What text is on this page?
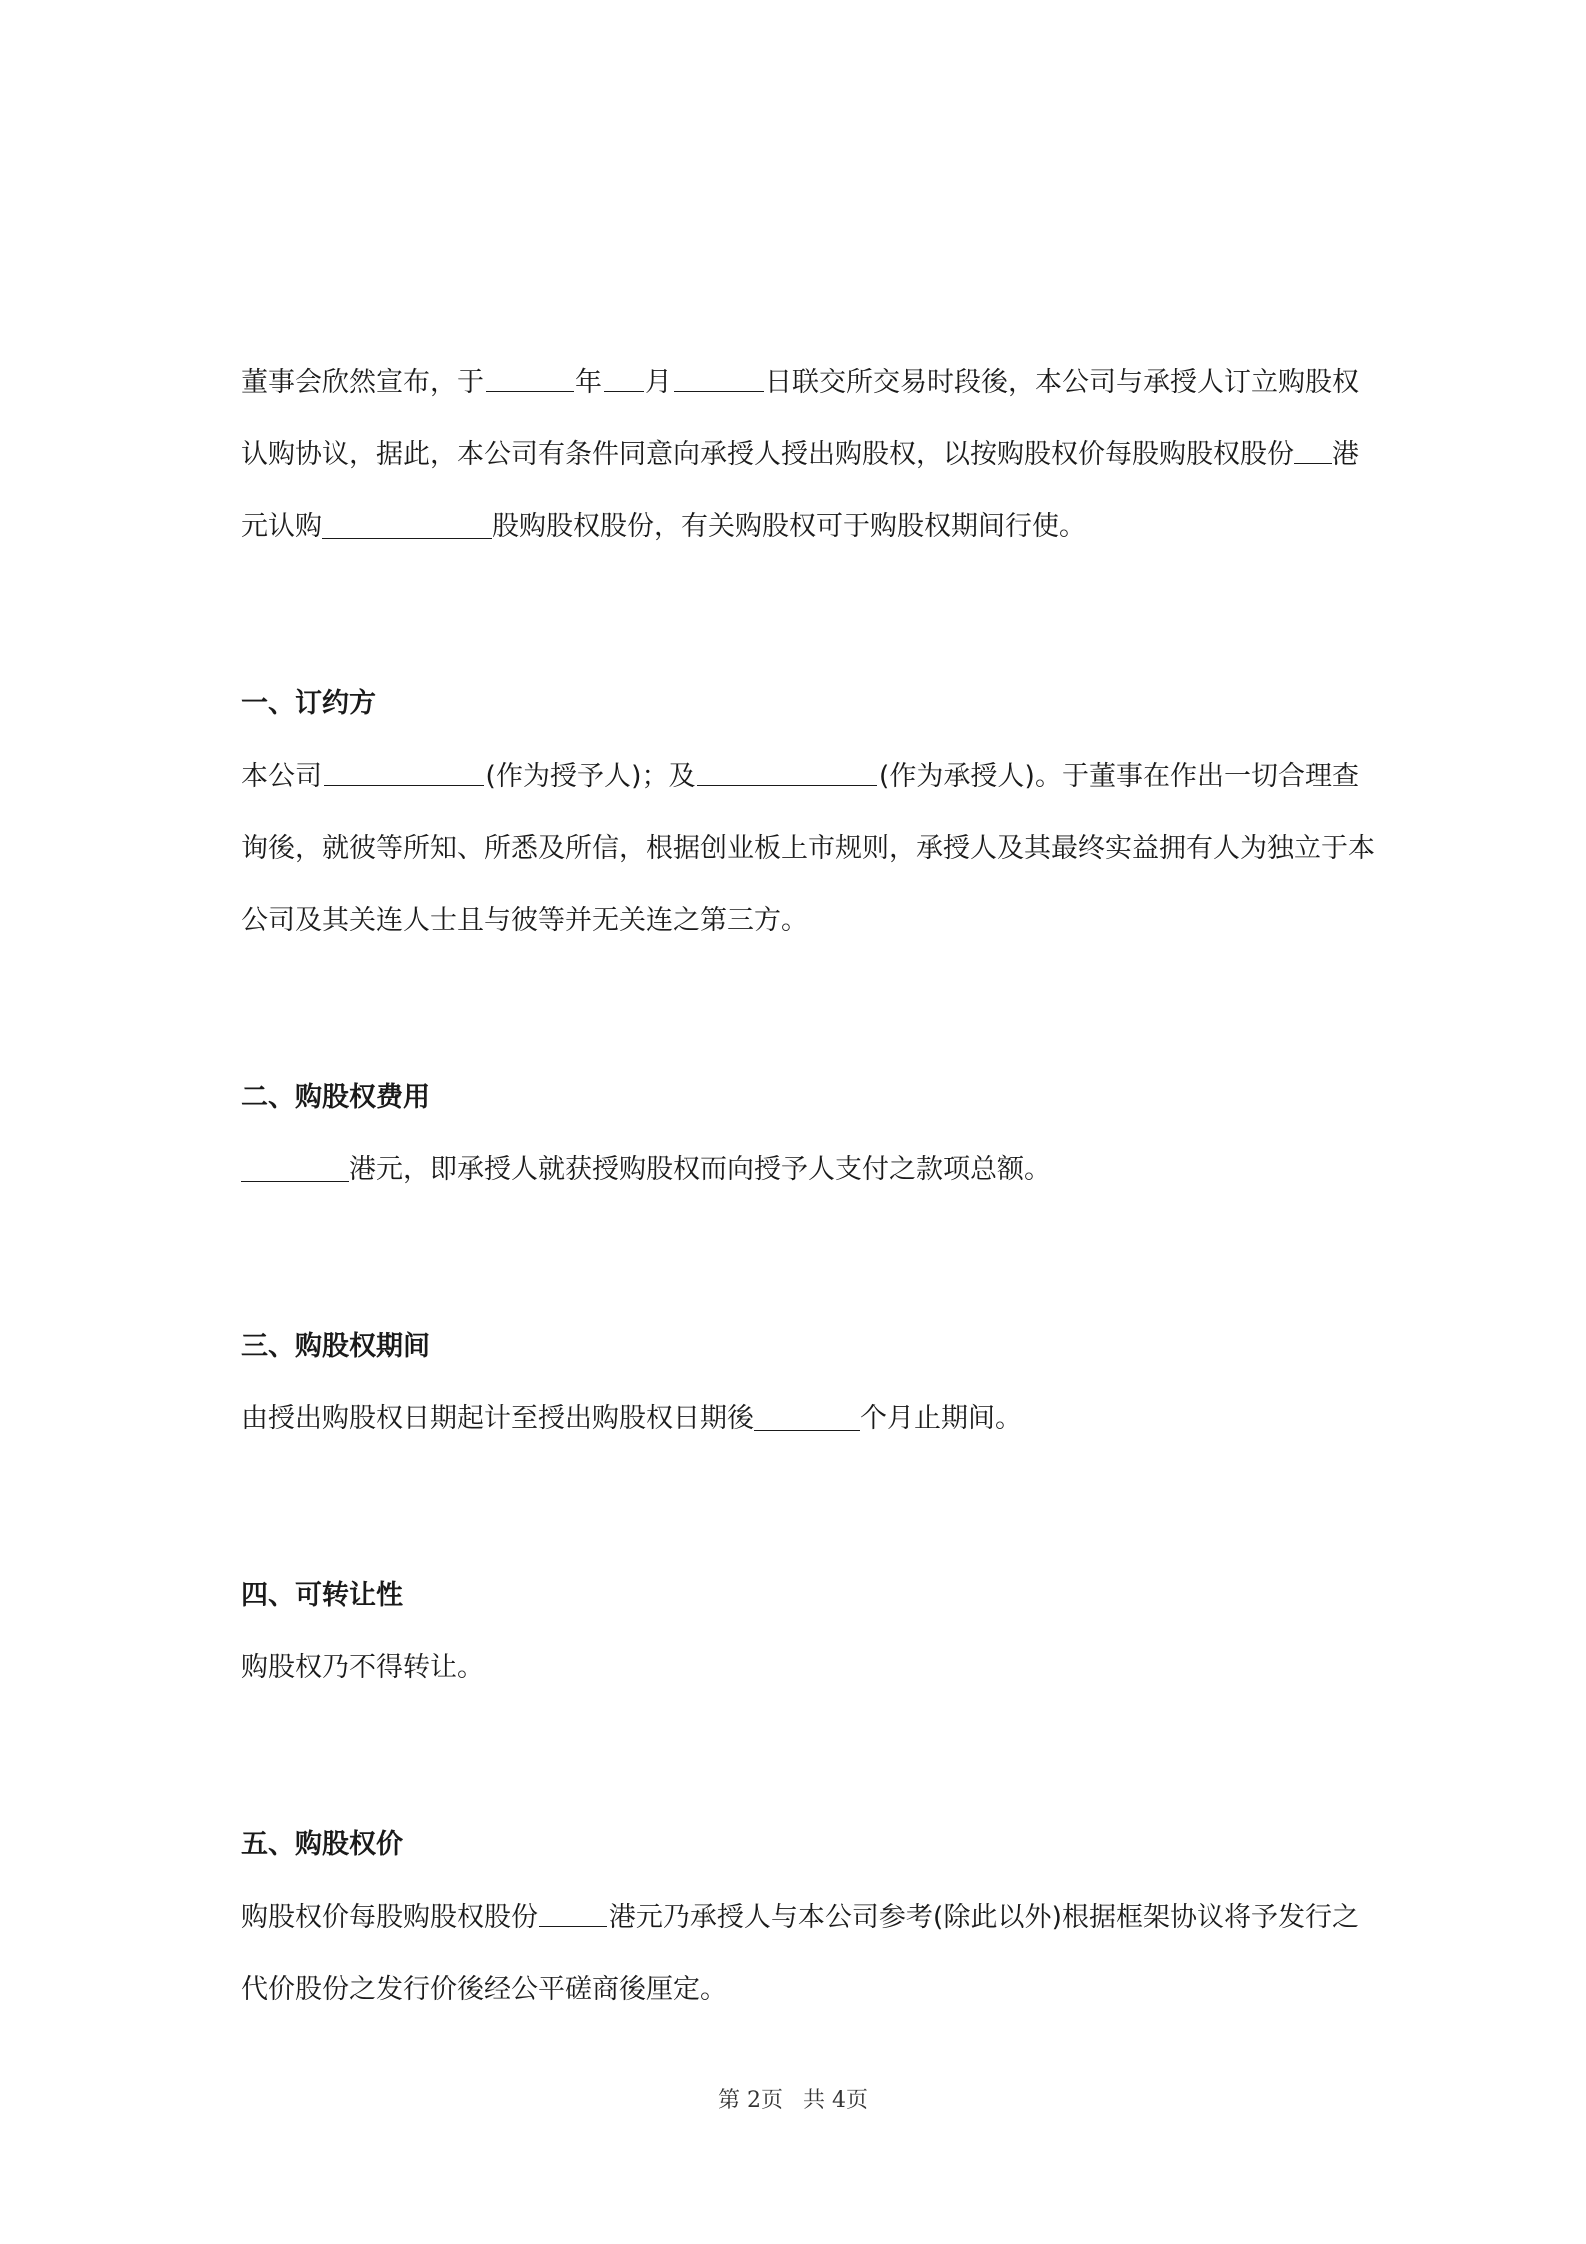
董事会欣然宣布，于	年 月	日联交所交易时段後，本公司与承授人订立购股权
认购协议，据此，本公司有条件同意向承授人授出购股权，以按购股权价每股购股权股份 港
元认购	股购股权股份，有关购股权可于购股权期间行使。
一、订约方
本公司	(作为授予人)；及	(作为承授人)。于董事在作出一切合理查
询後，就彼等所知、所悉及所信，根据创业板上市规则，承授人及其最终实益拥有人为独立于本
公司及其关连人士且与彼等并无关连之第三方。
二、购股权费用
港元，即承授人就获授购股权而向授予人支付之款项总额。
三、购股权期间
由授出购股权日期起计至授出购股权日期後	个月止期间。
四、可转让性
购股权乃不得转让。
五、购股权价
购股权价每股购股权股份	港元乃承授人与本公司参考(除此以外)根据框架协议将予发行之
代价股份之发行价後经公平磋商後厘定。
第 2页 共 4页
